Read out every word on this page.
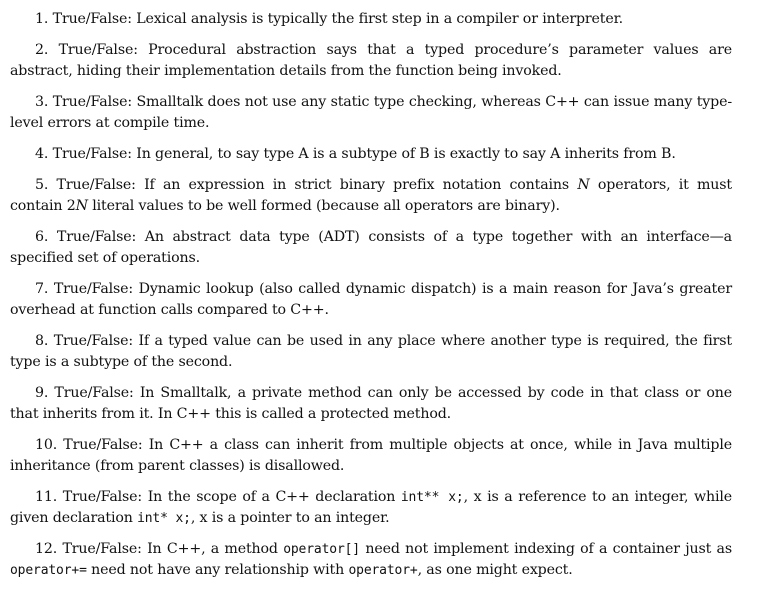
1. True/False: Lexical analysis is typically the first step in a compiler or interpreter.

2. True/False: Procedural abstraction says that a typed procedure’s parameter values are abstract, hiding their implementation details from the function being invoked.

3. True/False: Smalltalk does not use any static type checking, whereas C++ can issue many type-level errors at compile time.

4. True/False: In general, to say type A is a subtype of B is exactly to say A inherits from B.

5. True/False: If an expression in strict binary prefix notation contains N operators, it must contain 2N literal values to be well formed (because all operators are binary).

6. True/False: An abstract data type (ADT) consists of a type together with an interface—a specified set of operations.

7. True/False: Dynamic lookup (also called dynamic dispatch) is a main reason for Java’s greater overhead at function calls compared to C++.

8. True/False: If a typed value can be used in any place where another type is required, the first type is a subtype of the second.

9. True/False: In Smalltalk, a private method can only be accessed by code in that class or one that inherits from it. In C++ this is called a protected method.

10. True/False: In C++ a class can inherit from multiple objects at once, while in Java multiple inheritance (from parent classes) is disallowed.

11. True/False: In the scope of a C++ declaration int** x;, x is a reference to an integer, while given declaration int* x;, x is a pointer to an integer.

12. True/False: In C++, a method operator[] need not implement indexing of a container just as operator+= need not have any relationship with operator+, as one might expect.
